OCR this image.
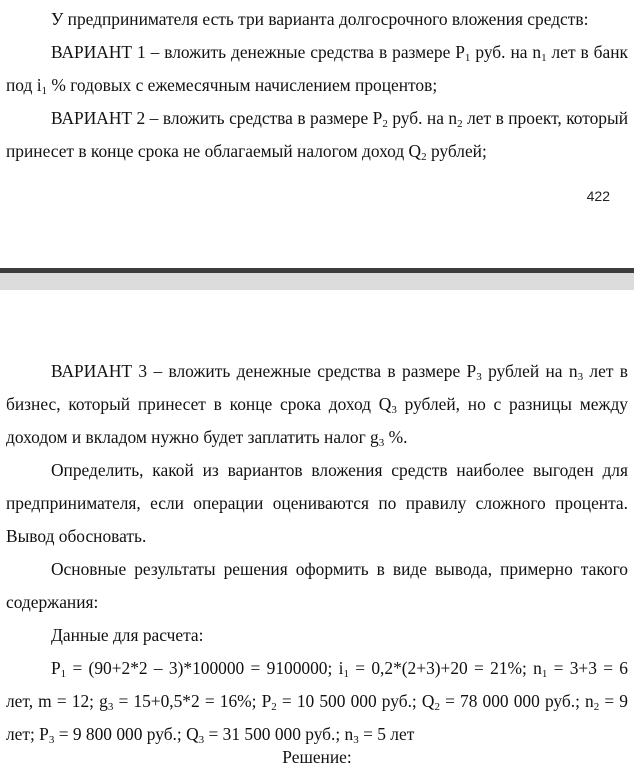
У предпринимателя есть три варианта долгосрочного вложения средств:

ВАРИАНТ 1 – вложить денежные средства в размере $P_1$ руб. на $n_1$ лет в банк под $i_1$ % годовых с ежемесячным начислением процентов;

ВАРИАНТ 2 – вложить средства в размере $P_2$ руб. на $n_2$ лет в проект, который принесет в конце срока не облагаемый налогом доход $Q_2$ рублей;

422

ВАРИАНТ 3 – вложить денежные средства в размере $P_3$ рублей на $n_3$ лет в бизнес, который принесет в конце срока доход $Q_3$ рублей, но с разницы между доходом и вкладом нужно будет заплатить налог $g_3$ %.

Определить, какой из вариантов вложения средств наиболее выгоден для предпринимателя, если операции оцениваются по правилу сложного процента. Вывод обосновать.

Основные результаты решения оформить в виде вывода, примерно такого содержания:

Данные для расчета:

$P_1 = (90+2*2 - 3)*100000 = 9100000$; $i_1 = 0,2*(2+3)+20 = 21\%$; $n_1 = 3+3 = 6$ лет, m = 12; $g_3 = 15+0,5*2 = 16\%$; $P_2 = 10$ 500 000 руб.; $Q_2 = 78$ 000 000 руб.; $n_2 = 9$ лет; $P_3 = 9$ 800 000 руб.; $Q_3 = 31$ 500 000 руб.; $n_3 = 5$ лет

Решение:
